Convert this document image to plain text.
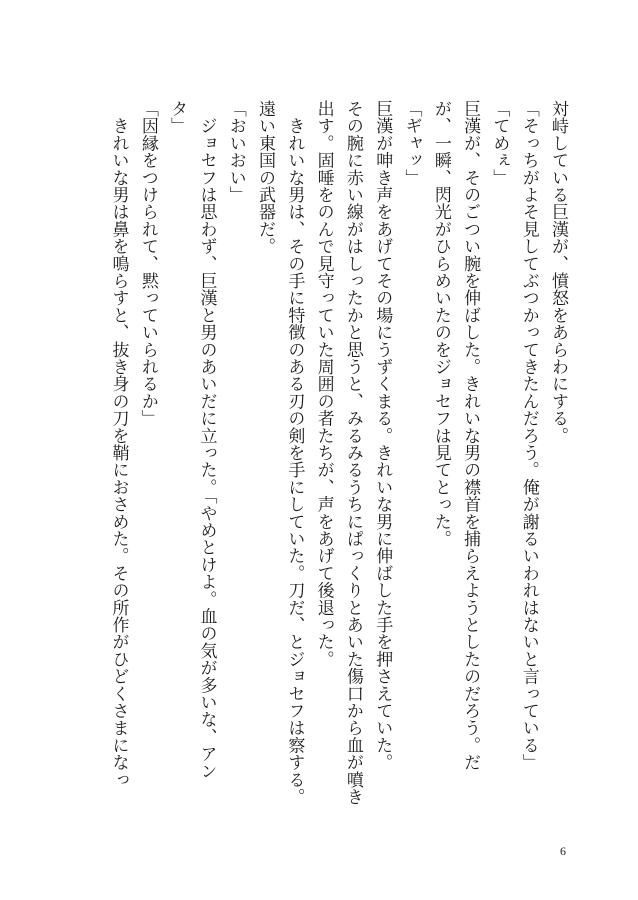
対峙している巨漢が、憤怒をあらわにする。
「そっちがよそ見してぶつかってきたんだろう。俺が謝るいわれはないと言っている」
「てめぇ」
巨漢が、そのごつい腕を伸ばした。きれいな男の襟首を捕らえようとしたのだろう。だ
が、一瞬、閃光がひらめいたのをジョセフは見てとった。
「ギャッ」
巨漢が呻き声をあげてその場にうずくまる。きれいな男に伸ばした手を押さえていた。
その腕に赤い線がはしったかと思うと、みるみるうちにぱっくりとあいた傷口から血が噴き
出す。固唾をのんで見守っていた周囲の者たちが、声をあげて後退った。
　きれいな男は、その手に特徴のある刃の剣を手にしていた。刀だ、とジョセフは察する。
遠い東国の武器だ。
「おいおい」
　ジョセフは思わず、巨漢と男のあいだに立った。「やめとけよ。血の気が多いな、アン
タ」
「因縁をつけられて、黙っていられるか」
　きれいな男は鼻を鳴らすと、抜き身の刀を鞘におさめた。その所作がひどくさまになっ
6
